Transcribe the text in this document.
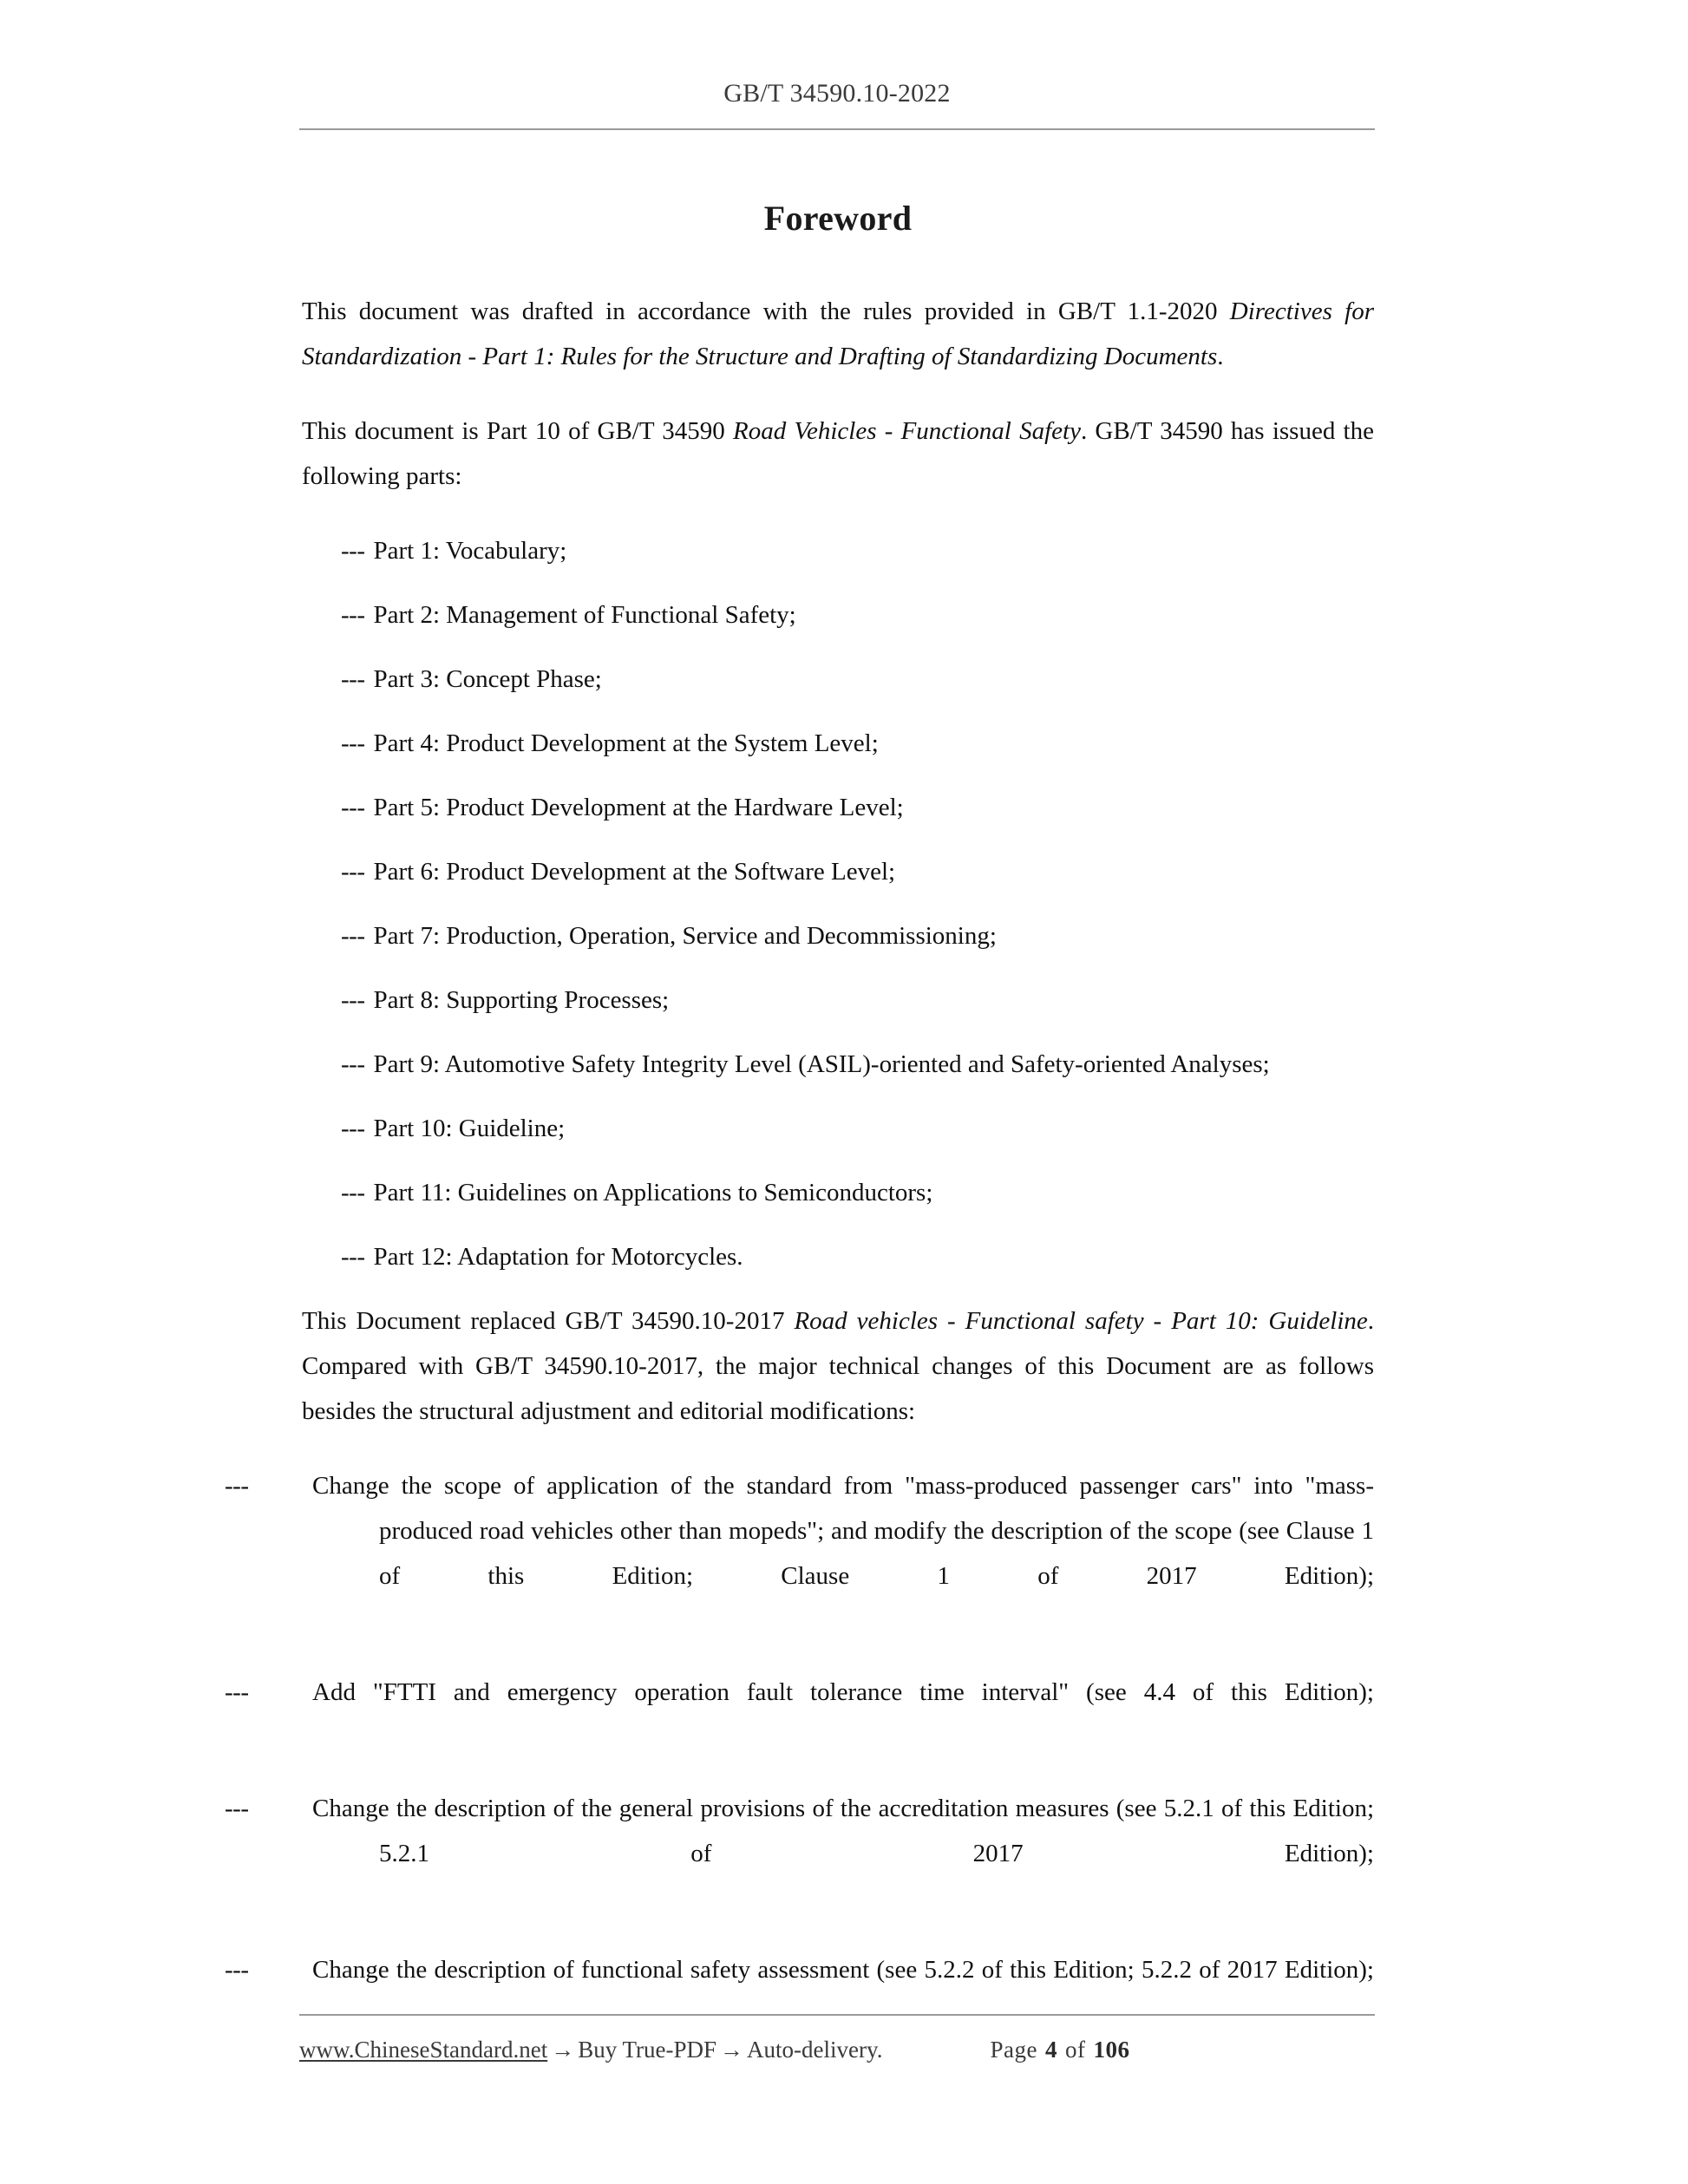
GB/T 34590.10-2022
Foreword

This document was drafted in accordance with the rules provided in GB/T 1.1-2020 Directives for Standardization - Part 1: Rules for the Structure and Drafting of Standardizing Documents.

This document is Part 10 of GB/T 34590 Road Vehicles - Functional Safety. GB/T 34590 has issued the following parts:

--- Part 1: Vocabulary;
--- Part 2: Management of Functional Safety;
--- Part 3: Concept Phase;
--- Part 4: Product Development at the System Level;
--- Part 5: Product Development at the Hardware Level;
--- Part 6: Product Development at the Software Level;
--- Part 7: Production, Operation, Service and Decommissioning;
--- Part 8: Supporting Processes;
--- Part 9: Automotive Safety Integrity Level (ASIL)-oriented and Safety-oriented Analyses;
--- Part 10: Guideline;
--- Part 11: Guidelines on Applications to Semiconductors;
--- Part 12: Adaptation for Motorcycles.

This Document replaced GB/T 34590.10-2017 Road vehicles - Functional safety - Part 10: Guideline. Compared with GB/T 34590.10-2017, the major technical changes of this Document are as follows besides the structural adjustment and editorial modifications:

---	Change the scope of application of the standard from "mass-produced passenger cars" into "mass-produced road vehicles other than mopeds"; and modify the description of the scope (see Clause 1 of this Edition; Clause 1 of 2017 Edition);
---	Add "FTTI and emergency operation fault tolerance time interval" (see 4.4 of this Edition);
---	Change the description of the general provisions of the accreditation measures (see 5.2.1 of this Edition; 5.2.1 of 2017 Edition);
---	Change the description of functional safety assessment (see 5.2.2 of this Edition; 5.2.2 of 2017 Edition);
www.ChineseStandard.net → Buy True-PDF → Auto-delivery.	Page 4 of 106
